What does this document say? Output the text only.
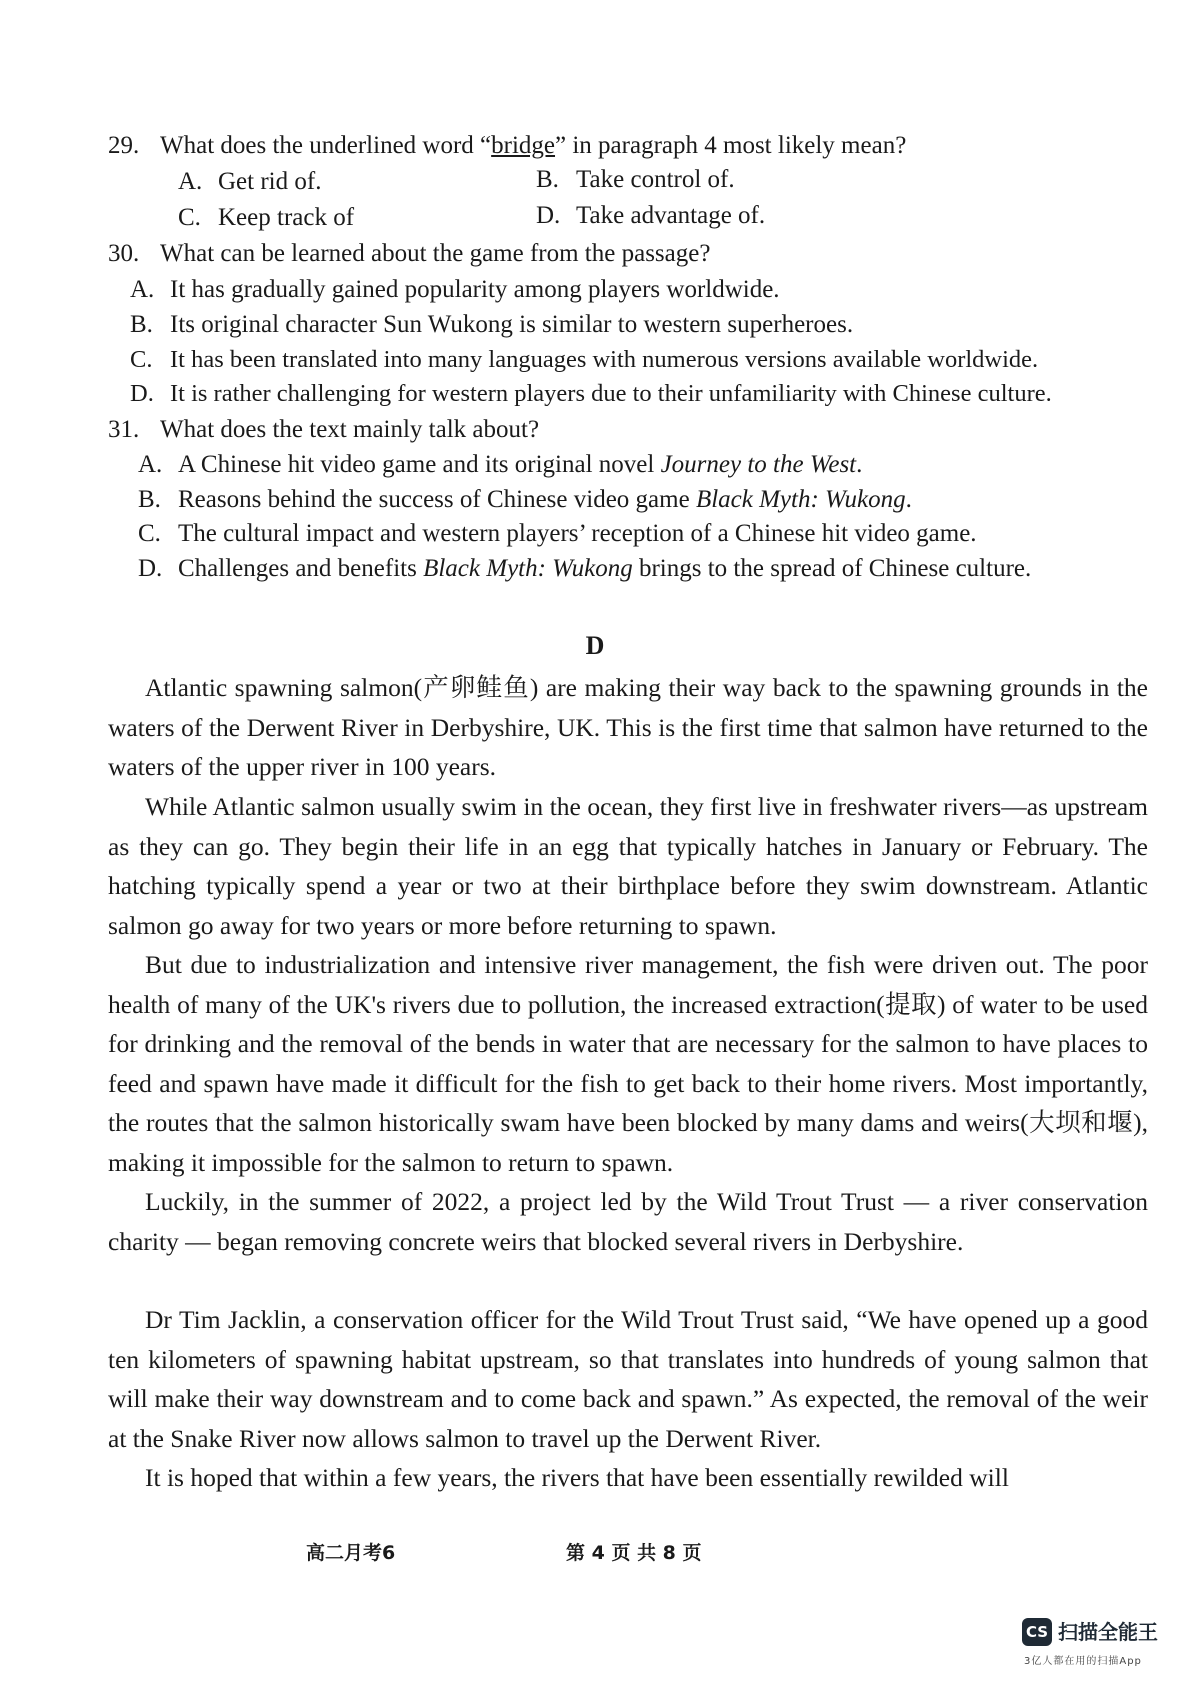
29. What does the underlined word “bridge” in paragraph 4 most likely mean?
A. Get rid of.	B. Take control of.
C. Keep track of	D. Take advantage of.
30. What can be learned about the game from the passage?
A. It has gradually gained popularity among players worldwide.
B. Its original character Sun Wukong is similar to western superheroes.
C. It has been translated into many languages with numerous versions available worldwide.
D. It is rather challenging for western players due to their unfamiliarity with Chinese culture.
31. What does the text mainly talk about?
A. A Chinese hit video game and its original novel Journey to the West.
B. Reasons behind the success of Chinese video game Black Myth: Wukong.
C. The cultural impact and western players’ reception of a Chinese hit video game.
D. Challenges and benefits Black Myth: Wukong brings to the spread of Chinese culture.
D

Atlantic spawning salmon(产卵鲑鱼) are making their way back to the spawning grounds in the waters of the Derwent River in Derbyshire, UK. This is the first time that salmon have returned to the waters of the upper river in 100 years.

While Atlantic salmon usually swim in the ocean, they first live in freshwater rivers—as upstream as they can go. They begin their life in an egg that typically hatches in January or February. The hatching typically spend a year or two at their birthplace before they swim downstream. Atlantic salmon go away for two years or more before returning to spawn.

But due to industrialization and intensive river management, the fish were driven out. The poor health of many of the UK's rivers due to pollution, the increased extraction(提取) of water to be used for drinking and the removal of the bends in water that are necessary for the salmon to have places to feed and spawn have made it difficult for the fish to get back to their home rivers. Most importantly, the routes that the salmon historically swam have been blocked by many dams and weirs(大坝和堰), making it impossible for the salmon to return to spawn.

Luckily, in the summer of 2022, a project led by the Wild Trout Trust — a river conservation charity — began removing concrete weirs that blocked several rivers in Derbyshire.

Dr Tim Jacklin, a conservation officer for the Wild Trout Trust said, “We have opened up a good ten kilometers of spawning habitat upstream, so that translates into hundreds of young salmon that will make their way downstream and to come back and spawn.” As expected, the removal of the weir at the Snake River now allows salmon to travel up the Derwent River.

It is hoped that within a few years, the rivers that have been essentially rewilded will

高二月考6	第 4 页 共 8 页
CS 扫描全能王
3亿人都在用的扫描App
